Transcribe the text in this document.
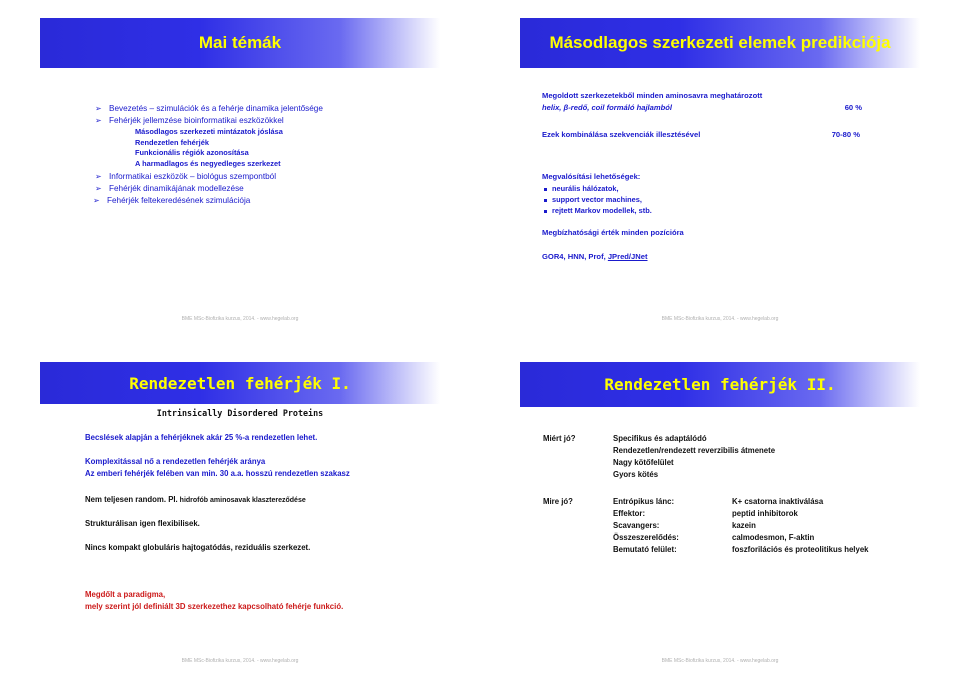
Mai témák
➢ Bevezetés – szimulációk és a fehérje dinamika jelentősége
➢ Fehérjék jellemzése bioinformatikai eszközökkel
Másodlagos szerkezeti mintázatok jóslása
Rendezetlen fehérjék
Funkcionális régiók azonosítása
A harmadlagos és negyedleges szerkezet
➢ Informatikai eszközök – biológus szempontból
➢ Fehérjék dinamikájának modellezése
➢ Fehérjék feltekeredésének szimulációja
BME MSc-Biofizika kurzus, 2014. - www.hegelab.org
Másodlagos szerkezeti elemek predikciója
Megoldott szerkezetekből minden aminosavra meghatározott
helix, β-redő, coil formáló hajlamból	60 %
Ezek kombinálása szekvenciák illesztésével	70-80 %
Megvalósítási lehetőségek:
neurális hálózatok,
support vector machines,
rejtett Markov modellek, stb.
Megbízhatósági érték minden pozícióra
GOR4, HNN, Prof, JPred/JNet
BME MSc-Biofizika kurzus, 2014. - www.hegelab.org
Rendezetlen fehérjék I.
Intrinsically Disordered Proteins
Becslések alapján a fehérjéknek akár 25 %-a rendezetlen lehet.
Komplexitással nő a rendezetlen fehérjék aránya
Az emberi fehérjék felében van min. 30 a.a. hosszú rendezetlen szakasz
Nem teljesen random. Pl. hidrofób aminosavak klasztereződése
Strukturálisan igen flexibilisek.
Nincs kompakt globuláris hajtogatódás, reziduális szerkezet.
Megdőlt a paradigma,
mely szerint jól definiált 3D szerkezethez kapcsolható fehérje funkció.
BME MSc-Biofizika kurzus, 2014. - www.hegelab.org
Rendezetlen fehérjék II.
Miért jó?	Specifikus és adaptálódó
Rendezetlen/rendezett reverzibilis átmenete
Nagy kötőfelület
Gyors kötés
Mire jó?	Entrópikus lánc:	K+ csatorna inaktiválása
Effektor:	peptid inhibitorok
Scavangers:	kazein
Összeszerelődés:	calmodesmon, F-aktin
Bemutató felület:	foszforilációs és proteolitikus helyek
BME MSc-Biofizika kurzus, 2014. - www.hegelab.org
